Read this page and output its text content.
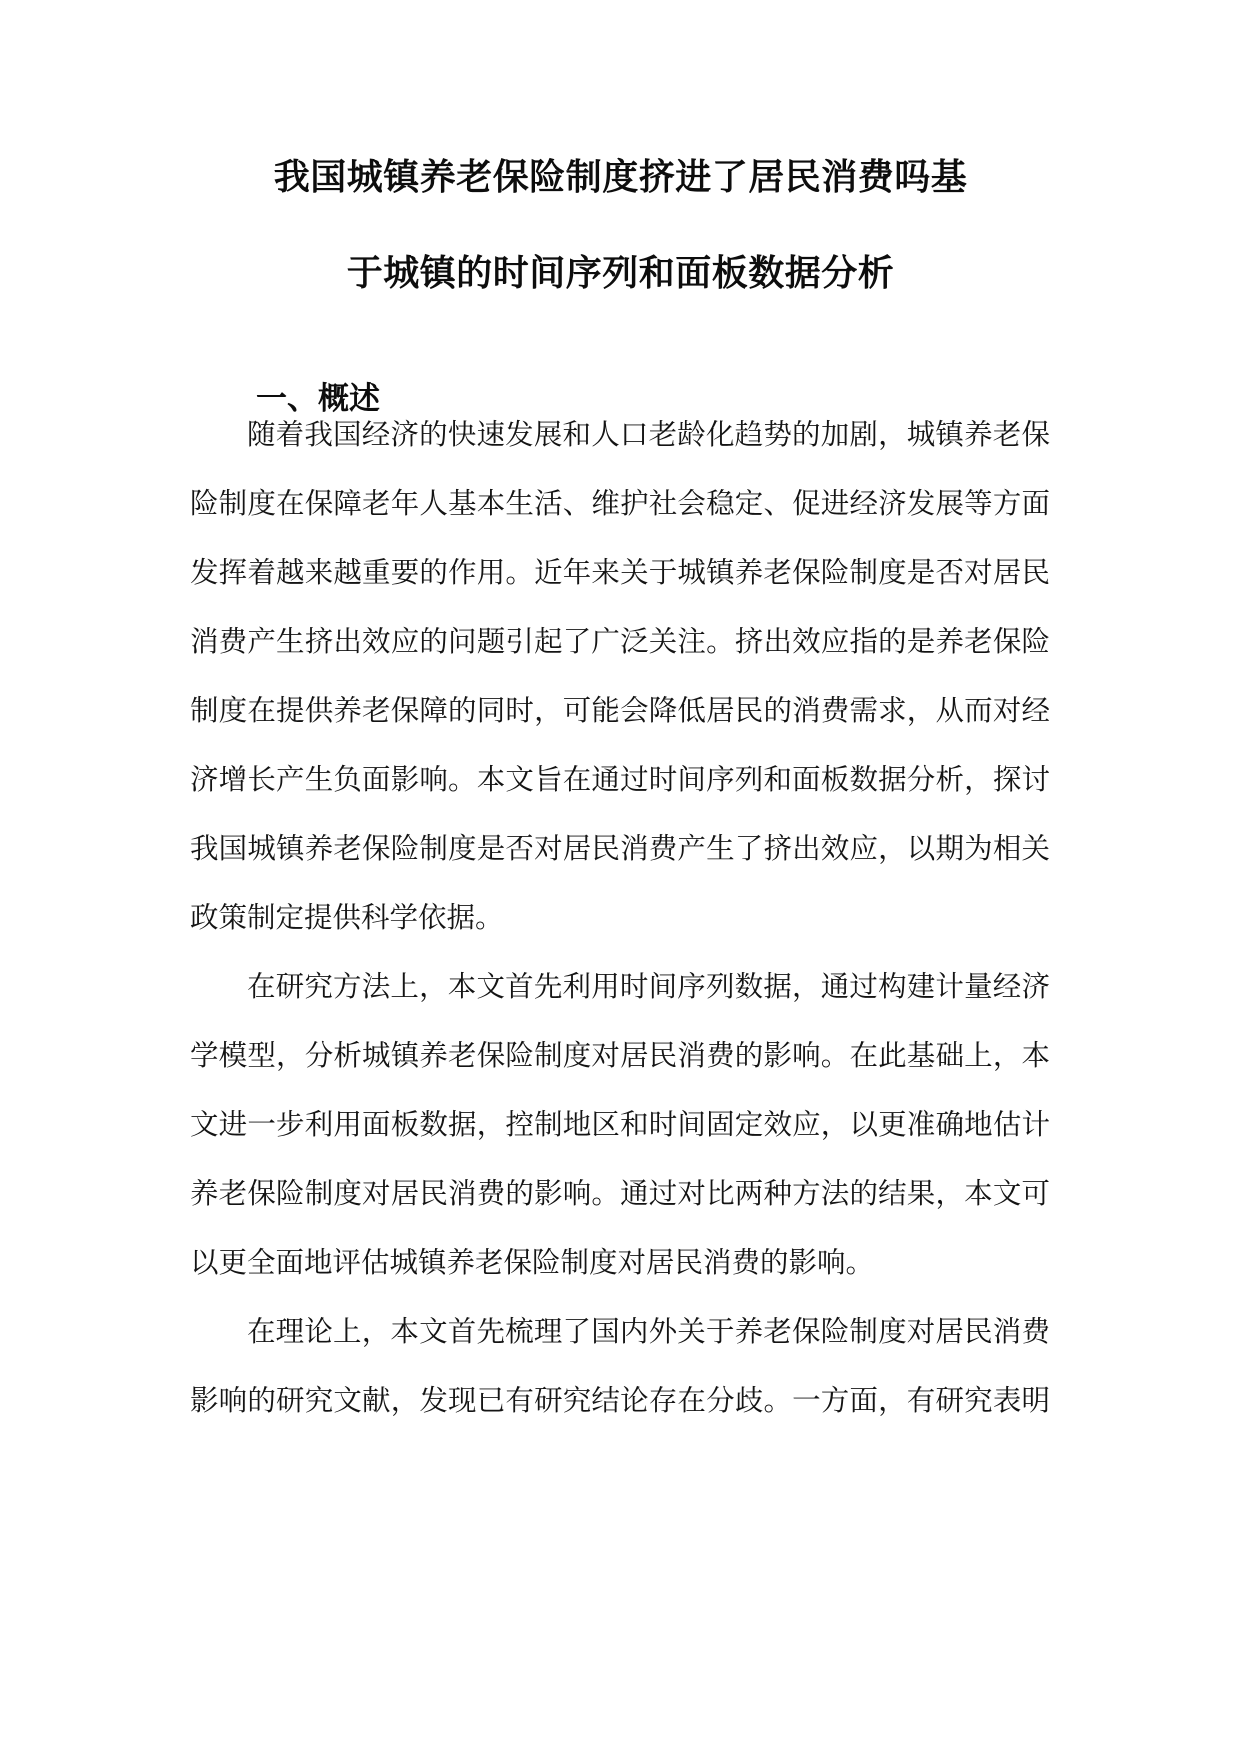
我国城镇养老保险制度挤进了居民消费吗基
于城镇的时间序列和面板数据分析
一、概述
随着我国经济的快速发展和人口老龄化趋势的加剧，城镇养老保
险制度在保障老年人基本生活、维护社会稳定、促进经济发展等方面
发挥着越来越重要的作用。近年来关于城镇养老保险制度是否对居民
消费产生挤出效应的问题引起了广泛关注。挤出效应指的是养老保险
制度在提供养老保障的同时，可能会降低居民的消费需求，从而对经
济增长产生负面影响。本文旨在通过时间序列和面板数据分析，探讨
我国城镇养老保险制度是否对居民消费产生了挤出效应，以期为相关
政策制定提供科学依据。
在研究方法上，本文首先利用时间序列数据，通过构建计量经济
学模型，分析城镇养老保险制度对居民消费的影响。在此基础上，本
文进一步利用面板数据，控制地区和时间固定效应，以更准确地估计
养老保险制度对居民消费的影响。通过对比两种方法的结果，本文可
以更全面地评估城镇养老保险制度对居民消费的影响。
在理论上，本文首先梳理了国内外关于养老保险制度对居民消费
影响的研究文献，发现已有研究结论存在分歧。一方面，有研究表明
